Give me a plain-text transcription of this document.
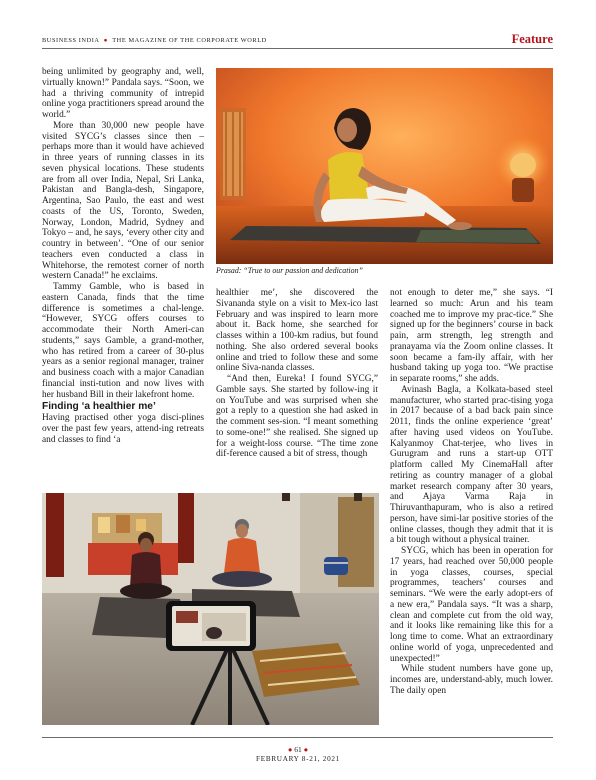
BUSINESS INDIA  ●  THE MAGAZINE OF THE CORPORATE WORLD	Feature
Prasad: “True to our passion and dedication”

being unlimited by geography and, well, virtually known!” Pandala says. “Soon, we had a thriving community of intrepid online yoga practitioners spread around the world.”

More than 30,000 new people have visited SYCG’s classes since then – perhaps more than it would have achieved in three years of running classes in its seven physical locations. These students are from all over India, Nepal, Sri Lanka, Pakistan and Bangla-desh, Singapore, Argentina, Sao Paulo, the east and west coasts of the US, Toronto, Sweden, Norway, London, Madrid, Sydney and Tokyo – and, he says, ‘every other city and country in between’. “One of our senior teachers even conducted a class in Whitehorse, the remotest corner of north western Canada!” he exclaims.

Tammy Gamble, who is based in eastern Canada, finds that the time difference is sometimes a chal-lenge. “However, SYCG offers courses to accommodate their North Ameri-can students,” says Gamble, a grand-mother, who has retired from a career of 30-plus years as a senior regional manager, trainer and business coach with a major Canadian financial insti-tution and now lives with her husband Bill in their lakefront home.

Finding ‘a healthier me’

Having practised other yoga disci-plines over the past few years, attend-ing retreats and classes to find ‘a

healthier me’, she discovered the Sivananda style on a visit to Mex-ico last February and was inspired to learn more about it. Back home, she searched for classes within a 100-km radius, but found nothing. She also ordered several books online and tried to follow these and some online Siva-nanda classes.

“And then, Eureka! I found SYCG,” Gamble says. She started by follow-ing it on YouTube and was surprised when she got a reply to a question she had asked in the comment ses-sion. “I meant something to some-one!” she realised. She signed up for a weight-loss course. “The time zone dif-ference caused a bit of stress, though

not enough to deter me,” she says. “I learned so much: Arun and his team coached me to improve my prac-tice.” She signed up for the beginners’ course in back pain, arm strength, leg strength and pranayama via the Zoom online classes. It soon became a fam-ily affair, with her husband taking up yoga too. “We practise in separate rooms,” she adds.

Avinash Bagla, a Kolkata-based steel manufacturer, who started prac-tising yoga in 2017 because of a bad back pain since 2011, finds the online experience ‘great’ after having used videos on YouTube. Kalyanmoy Chat-terjee, who lives in Gurugram and runs a start-up OTT platform called My CinemaHall after retiring as country manager of a global market research company after 30 years, and Ajaya Varma Raja in Thiruvanthapuram, who is also a retired person, have simi-lar positive stories of the online classes, though they admit that it is a bit tough without a physical trainer.

SYCG, which has been in operation for 17 years, had reached over 50,000 people in yoga classes, courses, special programmes, teachers’ courses and seminars. “We were the early adopt-ers of a new era,” Pandala says. “It was a sharp, clean and complete cut from the old way, and it looks like remaining like this for a long time to come. What an extraordinary online world of yoga, unprecedented and unexpected!”

While student numbers have gone up, incomes are, understand-ably, much lower. The daily open

● 61 ●
FEBRUARY 8-21, 2021
